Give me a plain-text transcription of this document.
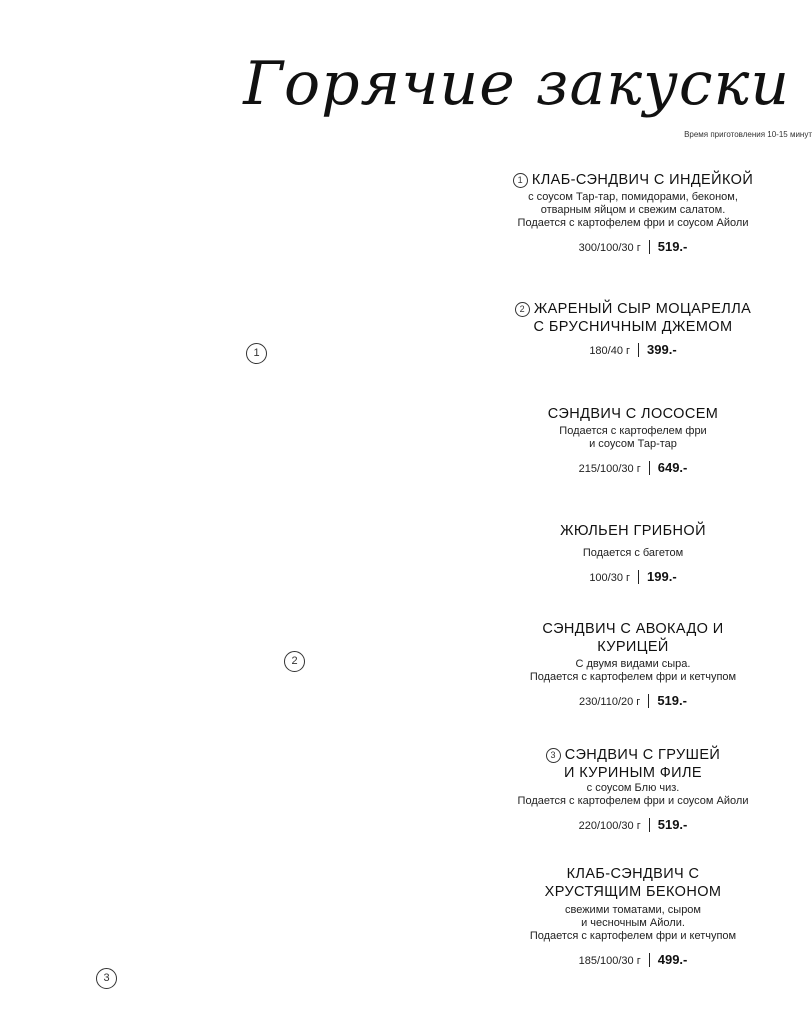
Горячие закуски
Время приготовления 10-15 минут
1 КЛАБ-СЭНДВИЧ С ИНДЕЙКОЙ
с соусом Тар-тар, помидорами, беконом,
отварным яйцом и свежим салатом.
Подается с картофелем фри и соусом Айоли
300/100/30 г 519.-
2 ЖАРЕНЫЙ СЫР МОЦАРЕЛЛА
С БРУСНИЧНЫМ ДЖЕМОМ
180/40 г 399.-
СЭНДВИЧ С ЛОСОСЕМ
Подается с картофелем фри
и соусом Тар-тар
215/100/30 г 649.-
ЖЮЛЬЕН ГРИБНОЙ
Подается с багетом
100/30 г 199.-
СЭНДВИЧ С АВОКАДО И
КУРИЦЕЙ
С двумя видами сыра.
Подается с картофелем фри и кетчупом
230/110/20 г 519.-
3 СЭНДВИЧ С ГРУШЕЙ
И КУРИНЫМ ФИЛЕ
с соусом Блю чиз.
Подается с картофелем фри и соусом Айоли
220/100/30 г 519.-
КЛАБ-СЭНДВИЧ С
ХРУСТЯЩИМ БЕКОНОМ
свежими томатами, сыром
и чесночным Айоли.
Подается с картофелем фри и кетчупом
185/100/30 г 499.-
1
2
3
